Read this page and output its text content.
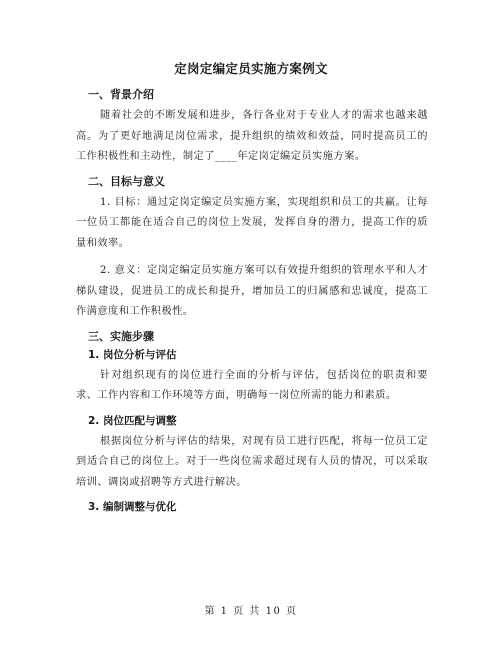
定岗定编定员实施方案例文
一、背景介绍
随着社会的不断发展和进步，各行各业对于专业人才的需求也越来越高。为了更好地满足岗位需求，提升组织的绩效和效益，同时提高员工的工作积极性和主动性，制定了____年定岗定编定员实施方案。
二、目标与意义
1. 目标：通过定岗定编定员实施方案，实现组织和员工的共赢。让每一位员工都能在适合自己的岗位上发展，发挥自身的潜力，提高工作的质量和效率。
2. 意义：定岗定编定员实施方案可以有效提升组织的管理水平和人才梯队建设，促进员工的成长和提升，增加员工的归属感和忠诚度，提高工作满意度和工作积极性。
三、实施步骤
1. 岗位分析与评估
针对组织现有的岗位进行全面的分析与评估，包括岗位的职责和要求、工作内容和工作环境等方面，明确每一岗位所需的能力和素质。
2. 岗位匹配与调整
根据岗位分析与评估的结果，对现有员工进行匹配，将每一位员工定到适合自己的岗位上。对于一些岗位需求超过现有人员的情况，可以采取培训、调岗或招聘等方式进行解决。
3. 编制调整与优化
第 1 页 共 10 页
